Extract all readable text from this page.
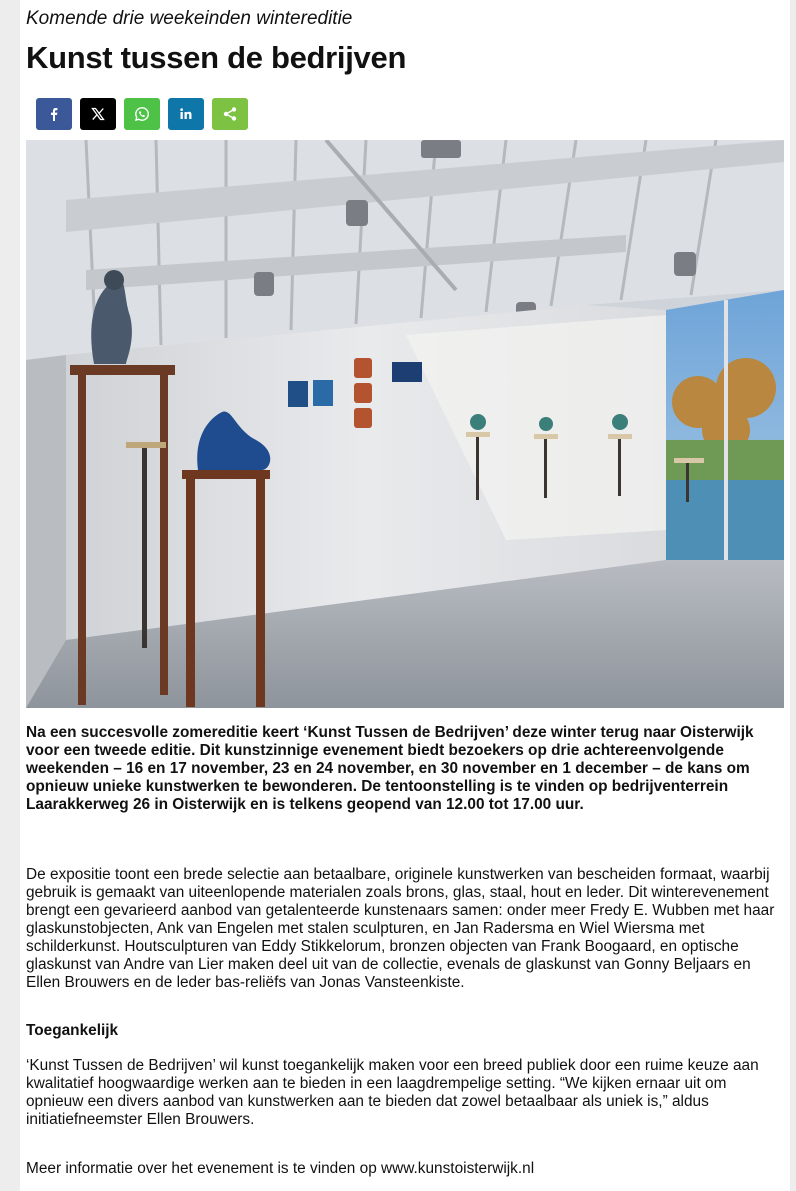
Komende drie weekeinden wintereditie
Kunst tussen de bedrijven

Na een succesvolle zomereditie keert ‘Kunst Tussen de Bedrijven’ deze winter terug naar Oisterwijk voor een tweede editie. Dit kunstzinnige evenement biedt bezoekers op drie achtereenvolgende weekenden – 16 en 17 november, 23 en 24 november, en 30 november en 1 december – de kans om opnieuw unieke kunstwerken te bewonderen. De tentoonstelling is te vinden op bedrijventerrein Laarakkerweg 26 in Oisterwijk en is telkens geopend van 12.00 tot 17.00 uur.

De expositie toont een brede selectie aan betaalbare, originele kunstwerken van bescheiden formaat, waarbij gebruik is gemaakt van uiteenlopende materialen zoals brons, glas, staal, hout en leder. Dit winterevenement brengt een gevarieerd aanbod van getalenteerde kunstenaars samen: onder meer Fredy E. Wubben met haar glaskunstobjecten, Ank van Engelen met stalen sculpturen, en Jan Radersma en Wiel Wiersma met schilderkunst. Houtsculpturen van Eddy Stikkelorum, bronzen objecten van Frank Boogaard, en optische glaskunst van Andre van Lier maken deel uit van de collectie, evenals de glaskunst van Gonny Beljaars en Ellen Brouwers en de leder bas-reliëfs van Jonas Vansteenkiste.

Toegankelijk

‘Kunst Tussen de Bedrijven’ wil kunst toegankelijk maken voor een breed publiek door een ruime keuze aan kwalitatief hoogwaardige werken aan te bieden in een laagdrempelige setting. “We kijken ernaar uit om opnieuw een divers aanbod van kunstwerken aan te bieden dat zowel betaalbaar als uniek is,” aldus initiatiefneemster Ellen Brouwers.

Meer informatie over het evenement is te vinden op www.kunstoisterwijk.nl
